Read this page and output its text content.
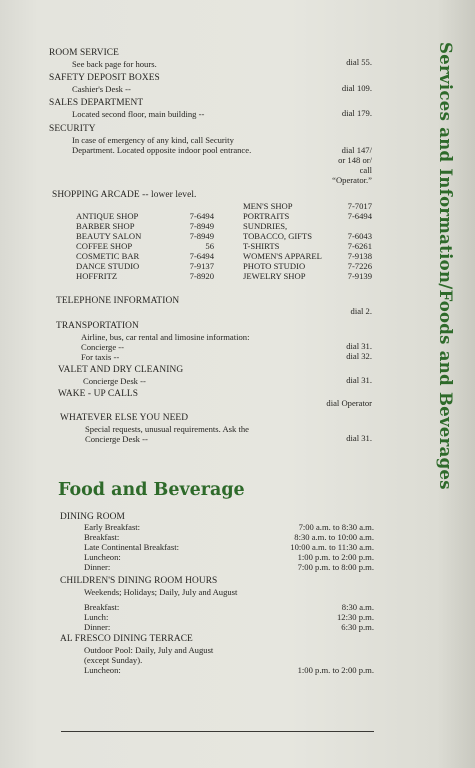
Services and Information/Foods and Beverages
ROOM SERVICE
See back page for hours.	dial 55.
SAFETY DEPOSIT BOXES
Cashier's Desk --	dial 109.
SALES DEPARTMENT
Located second floor, main building --	dial 179.
SECURITY
In case of emergency of any kind, call Security
Department. Located opposite indoor pool entrance.	dial 147/
or 148 or/
call
“Operator.”
SHOPPING ARCADE -- lower level.
ANTIQUE SHOP	7-6494
BARBER SHOP	7-8949
BEAUTY SALON	7-8949
COFFEE SHOP	56
COSMETIC BAR	7-6494
DANCE STUDIO	7-9137
HOFFRITZ	7-8920
MEN'S SHOP	7-7017
PORTRAITS	7-6494
SUNDRIES,
TOBACCO, GIFTS	7-6043
T-SHIRTS	7-6261
WOMEN'S APPAREL	7-9138
PHOTO STUDIO	7-7226
JEWELRY SHOP	7-9139
TELEPHONE INFORMATION
dial 2.
TRANSPORTATION
Airline, bus, car rental and limosine information:
Concierge --	dial 31.
For taxis --	dial 32.
VALET AND DRY CLEANING
Concierge Desk --	dial 31.
WAKE - UP CALLS
dial Operator
WHATEVER ELSE YOU NEED
Special requests, unusual requirements. Ask the
Concierge Desk --	dial 31.
Food and Beverage
DINING ROOM
Early Breakfast:	7:00 a.m. to 8:30 a.m.
Breakfast:	8:30 a.m. to 10:00 a.m.
Late Continental Breakfast:	10:00 a.m. to 11:30 a.m.
Luncheon:	1:00 p.m. to 2:00 p.m.
Dinner:	7:00 p.m. to 8:00 p.m.
CHILDREN'S DINING ROOM HOURS
Weekends; Holidays; Daily, July and August
Breakfast:	8:30 a.m.
Lunch:	12:30 p.m.
Dinner:	6:30 p.m.
AL FRESCO DINING TERRACE
Outdoor Pool: Daily, July and August
(except Sunday).
Luncheon:	1:00 p.m. to 2:00 p.m.
